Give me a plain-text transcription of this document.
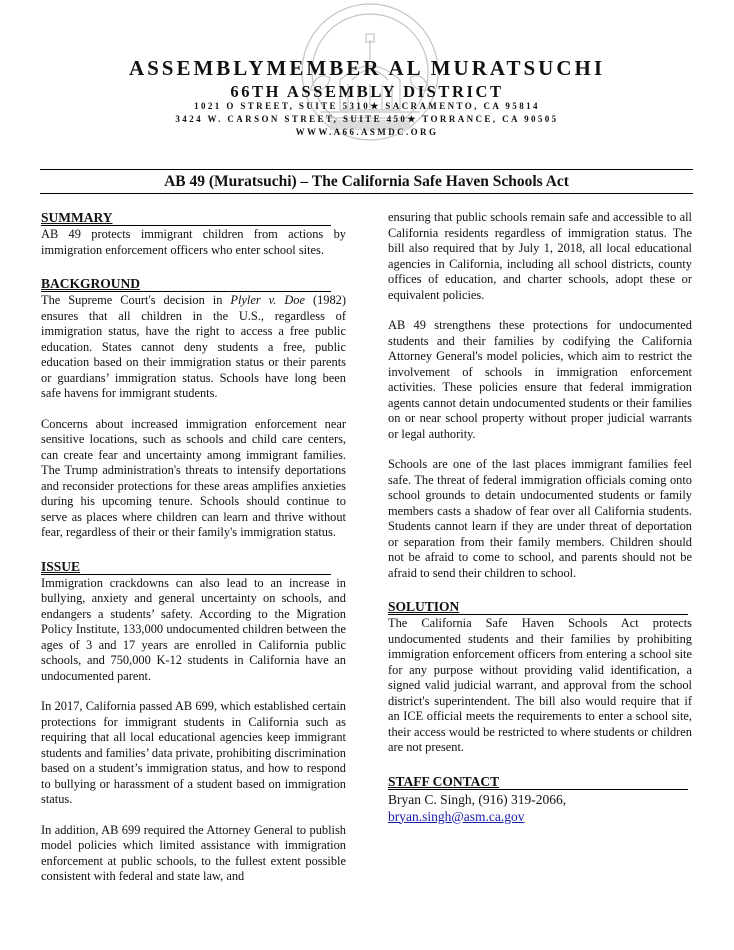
ASSEMBLYMEMBER AL MURATSUCHI
66TH ASSEMBLY DISTRICT
1021 O STREET, SUITE 5310★ SACRAMENTO, CA 95814
3424 W. CARSON STREET, SUITE 450★ TORRANCE, CA 90505
WWW.A66.ASMDC.ORG
AB 49 (Muratsuchi) – The California Safe Haven Schools Act
SUMMARY

AB 49 protects immigrant children from actions by immigration enforcement officers who enter school sites.

BACKGROUND

The Supreme Court's decision in Plyler v. Doe (1982) ensures that all children in the U.S., regardless of immigration status, have the right to access a free public education. States cannot deny students a free, public education based on their immigration status or their parents or guardians’ immigration status. Schools have long been safe havens for immigrant students.

Concerns about increased immigration enforcement near sensitive locations, such as schools and child care centers, can create fear and uncertainty among immigrant families. The Trump administration's threats to intensify deportations and reconsider protections for these areas amplifies anxieties during his upcoming tenure. Schools should continue to serve as places where children can learn and thrive without fear, regardless of their or their family's immigration status.

ISSUE

Immigration crackdowns can also lead to an increase in bullying, anxiety and general uncertainty on schools, and endangers a students’ safety. According to the Migration Policy Institute, 133,000 undocumented children between the ages of 3 and 17 years are enrolled in California public schools, and 750,000 K-12 students in California have an undocumented parent.

In 2017, California passed AB 699, which established certain protections for immigrant students in California such as requiring that all local educational agencies keep immigrant students and families’ data private, prohibiting discrimination based on a student’s immigration status, and how to respond to bullying or harassment of a student based on immigration status.

In addition, AB 699 required the Attorney General to publish model policies which limited assistance with immigration enforcement at public schools, to the fullest extent possible consistent with federal and state law, and

ensuring that public schools remain safe and accessible to all California residents regardless of immigration status. The bill also required that by July 1, 2018, all local educational agencies in California, including all school districts, county offices of education, and charter schools, adopt these or equivalent policies.

AB 49 strengthens these protections for undocumented students and their families by codifying the California Attorney General's model policies, which aim to restrict the involvement of schools in immigration enforcement activities. These policies ensure that federal immigration agents cannot detain undocumented students or their families on or near school property without proper judicial warrants or legal authority.

Schools are one of the last places immigrant families feel safe. The threat of federal immigration officials coming onto school grounds to detain undocumented students or family members casts a shadow of fear over all California students. Students cannot learn if they are under threat of deportation or separation from their family members. Children should not be afraid to come to school, and parents should not be afraid to send their children to school.

SOLUTION

The California Safe Haven Schools Act protects undocumented students and their families by prohibiting immigration enforcement officers from entering a school site for any purpose without providing valid identification, a signed valid judicial warrant, and approval from the school district's superintendent. The bill also would require that if an ICE official meets the requirements to enter a school site, their access would be restricted to where students or children are not present.

STAFF CONTACT
Bryan C. Singh, (916) 319-2066,
bryan.singh@asm.ca.gov
